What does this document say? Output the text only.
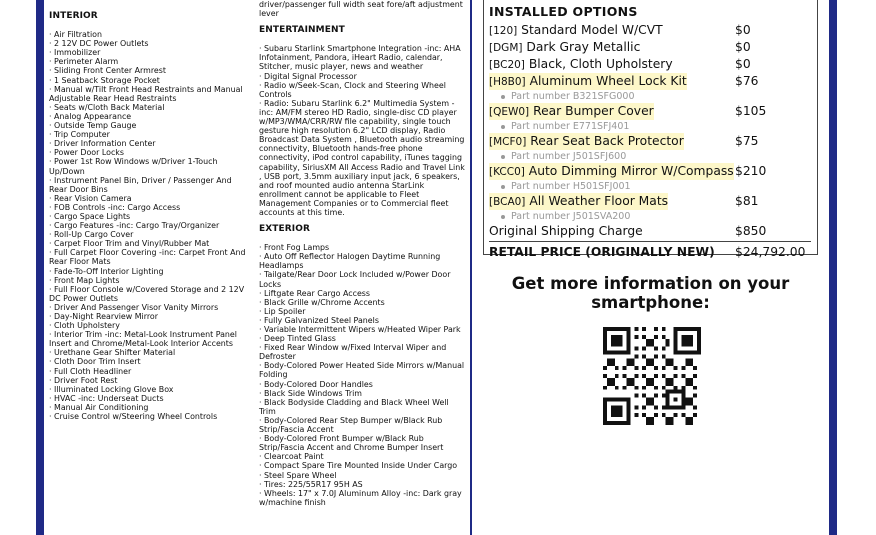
INTERIOR
· Air Filtration
· 2 12V DC Power Outlets
· Immobilizer
· Perimeter Alarm
· Sliding Front Center Armrest
· 1 Seatback Storage Pocket
· Manual w/Tilt Front Head Restraints and Manual Adjustable Rear Head Restraints
· Seats w/Cloth Back Material
· Analog Appearance
· Outside Temp Gauge
· Trip Computer
· Driver Information Center
· Power Door Locks
· Power 1st Row Windows w/Driver 1-Touch Up/Down
· Instrument Panel Bin, Driver / Passenger And Rear Door Bins
· Rear Vision Camera
· FOB Controls -inc: Cargo Access
· Cargo Space Lights
· Cargo Features -inc: Cargo Tray/Organizer
· Roll-Up Cargo Cover
· Carpet Floor Trim and Vinyl/Rubber Mat
· Full Carpet Floor Covering -inc: Carpet Front And Rear Floor Mats
· Fade-To-Off Interior Lighting
· Front Map Lights
· Full Floor Console w/Covered Storage and 2 12V DC Power Outlets
· Driver And Passenger Visor Vanity Mirrors
· Day-Night Rearview Mirror
· Cloth Upholstery
· Interior Trim -inc: Metal-Look Instrument Panel Insert and Chrome/Metal-Look Interior Accents
· Urethane Gear Shifter Material
· Cloth Door Trim Insert
· Full Cloth Headliner
· Driver Foot Rest
· Illuminated Locking Glove Box
· HVAC -inc: Underseat Ducts
· Manual Air Conditioning
· Cruise Control w/Steering Wheel Controls
driver/passenger full width seat fore/aft adjustment lever
ENTERTAINMENT
· Subaru Starlink Smartphone Integration -inc: AHA Infotainment, Pandora, iHeart Radio, calendar, Stitcher, music player, news and weather
· Digital Signal Processor
· Radio w/Seek-Scan, Clock and Steering Wheel Controls
· Radio: Subaru Starlink 6.2" Multimedia System -inc: AM/FM stereo HD Radio, single-disc CD player w/MP3/WMA/CRR/RW file capability, single touch gesture high resolution 6.2" LCD display, Radio Broadcast Data System , Bluetooth audio streaming connectivity, Bluetooth hands-free phone connectivity, iPod control capability, iTunes tagging capability, SiriusXM All Access Radio and Travel Link , USB port, 3.5mm auxiliary input jack, 6 speakers, and roof mounted audio antenna StarLink enrollment cannot be applicable to Fleet Management Companies or to Commercial fleet accounts at this time.
EXTERIOR
· Front Fog Lamps
· Auto Off Reflector Halogen Daytime Running Headlamps
· Tailgate/Rear Door Lock Included w/Power Door Locks
· Liftgate Rear Cargo Access
· Black Grille w/Chrome Accents
· Lip Spoiler
· Fully Galvanized Steel Panels
· Variable Intermittent Wipers w/Heated Wiper Park
· Deep Tinted Glass
· Fixed Rear Window w/Fixed Interval Wiper and Defroster
· Body-Colored Power Heated Side Mirrors w/Manual Folding
· Body-Colored Door Handles
· Black Side Windows Trim
· Black Bodyside Cladding and Black Wheel Well Trim
· Body-Colored Rear Step Bumper w/Black Rub Strip/Fascia Accent
· Body-Colored Front Bumper w/Black Rub Strip/Fascia Accent and Chrome Bumper Insert
· Clearcoat Paint
· Compact Spare Tire Mounted Inside Under Cargo
· Steel Spare Wheel
· Tires: 225/55R17 95H AS
· Wheels: 17" x 7.0J Aluminum Alloy -inc: Dark gray w/machine finish
INSTALLED OPTIONS
[120] Standard Model W/CVT	$0
[DGM] Dark Gray Metallic	$0
[BC20] Black, Cloth Upholstery	$0
[H8B0] Aluminum Wheel Lock Kit	$76
Part number B321SFG000
[QEW0] Rear Bumper Cover	$105
Part number E771SFJ401
[MCF0] Rear Seat Back Protector	$75
Part number J501SFJ600
[KCC0] Auto Dimming Mirror W/Compass $210
Part number H501SFJ001
[BCA0] All Weather Floor Mats	$81
Part number J501SVA200
Original Shipping Charge	$850
RETAIL PRICE (ORIGINALLY NEW) $24,792.00
Get more information on your smartphone:
